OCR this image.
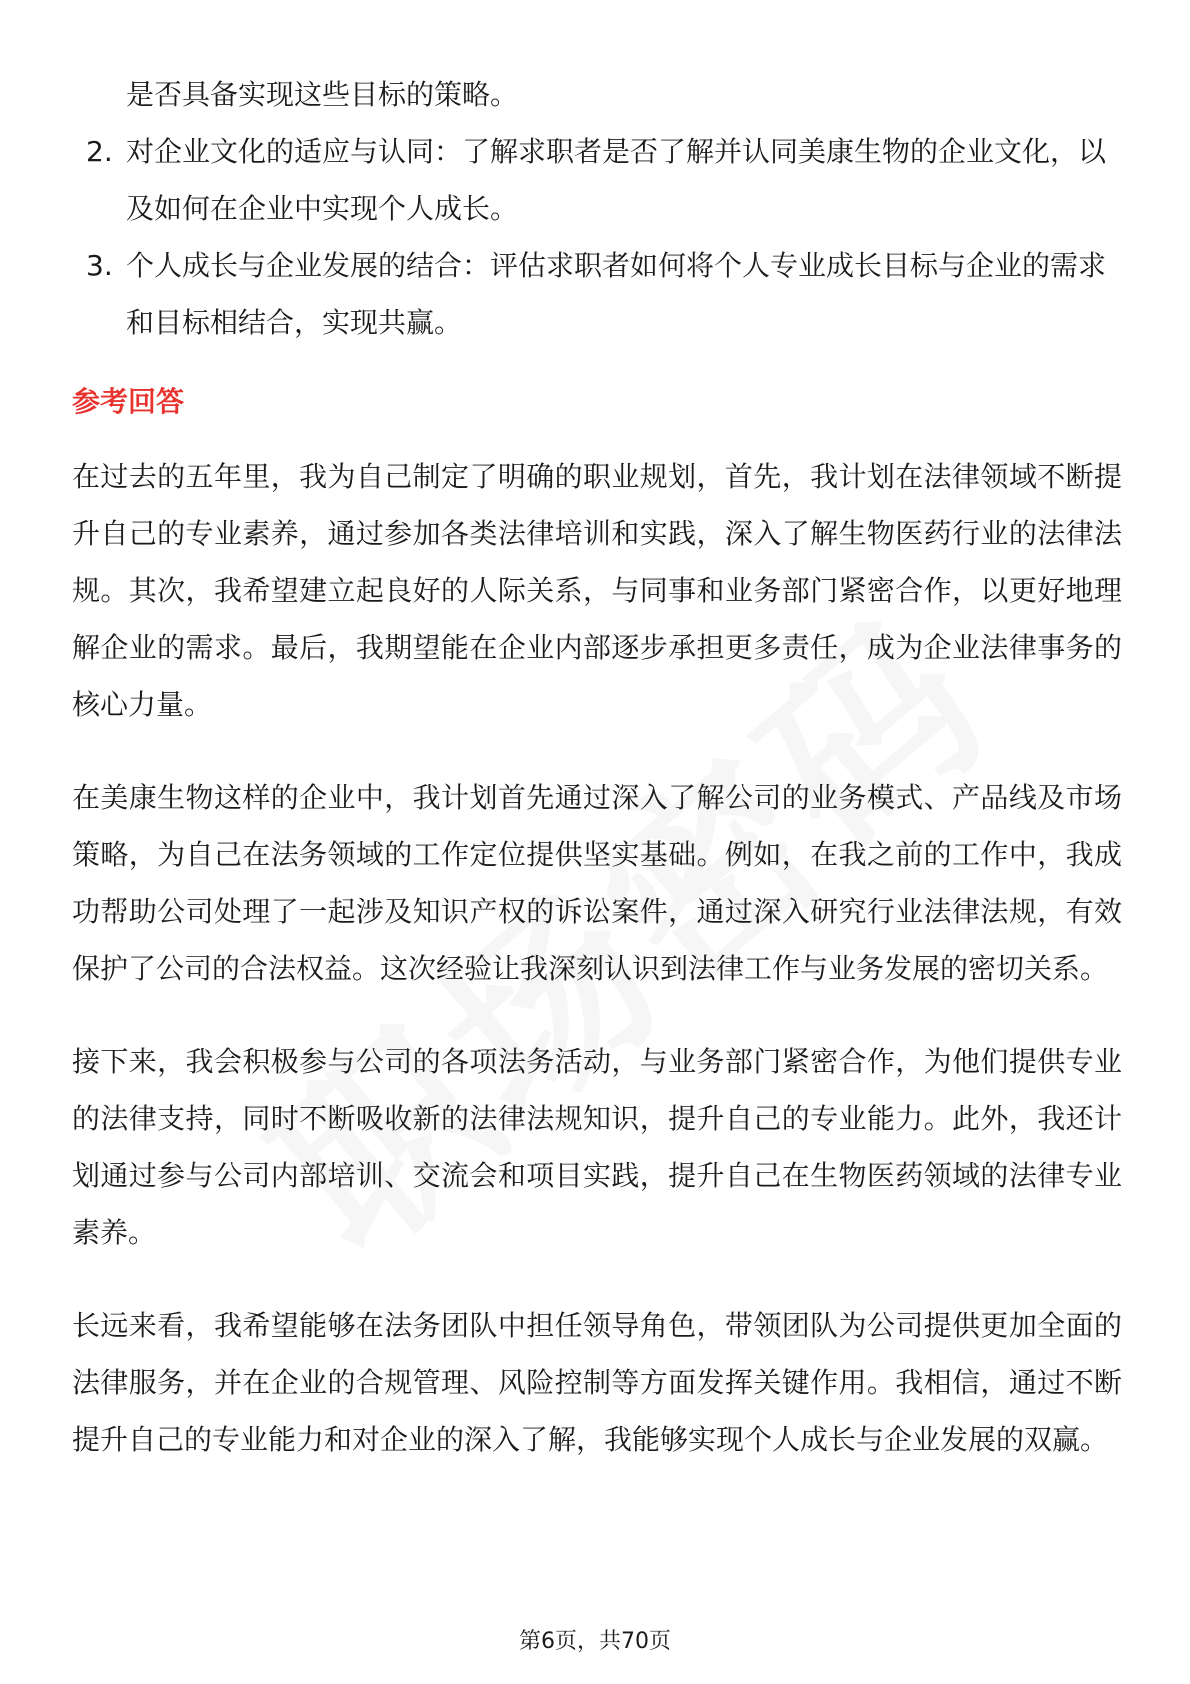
是否具备实现这些目标的策略。
2. 对企业文化的适应与认同：了解求职者是否了解并认同美康生物的企业文化，以及如何在企业中实现个人成长。
3. 个人成长与企业发展的结合：评估求职者如何将个人专业成长目标与企业的需求和目标相结合，实现共赢。
参考回答

在过去的五年里，我为自己制定了明确的职业规划，首先，我计划在法律领域不断提升自己的专业素养，通过参加各类法律培训和实践，深入了解生物医药行业的法律法规。其次，我希望建立起良好的人际关系，与同事和业务部门紧密合作，以更好地理解企业的需求。最后，我期望能在企业内部逐步承担更多责任，成为企业法律事务的核心力量。

在美康生物这样的企业中，我计划首先通过深入了解公司的业务模式、产品线及市场策略，为自己在法务领域的工作定位提供坚实基础。例如，在我之前的工作中，我成功帮助公司处理了一起涉及知识产权的诉讼案件，通过深入研究行业法律法规，有效保护了公司的合法权益。这次经验让我深刻认识到法律工作与业务发展的密切关系。

接下来，我会积极参与公司的各项法务活动，与业务部门紧密合作，为他们提供专业的法律支持，同时不断吸收新的法律法规知识，提升自己的专业能力。此外，我还计划通过参与公司内部培训、交流会和项目实践，提升自己在生物医药领域的法律专业素养。

长远来看，我希望能够在法务团队中担任领导角色，带领团队为公司提供更加全面的法律服务，并在企业的合规管理、风险控制等方面发挥关键作用。我相信，通过不断提升自己的专业能力和对企业的深入了解，我能够实现个人成长与企业发展的双赢。

第6页，共70页
